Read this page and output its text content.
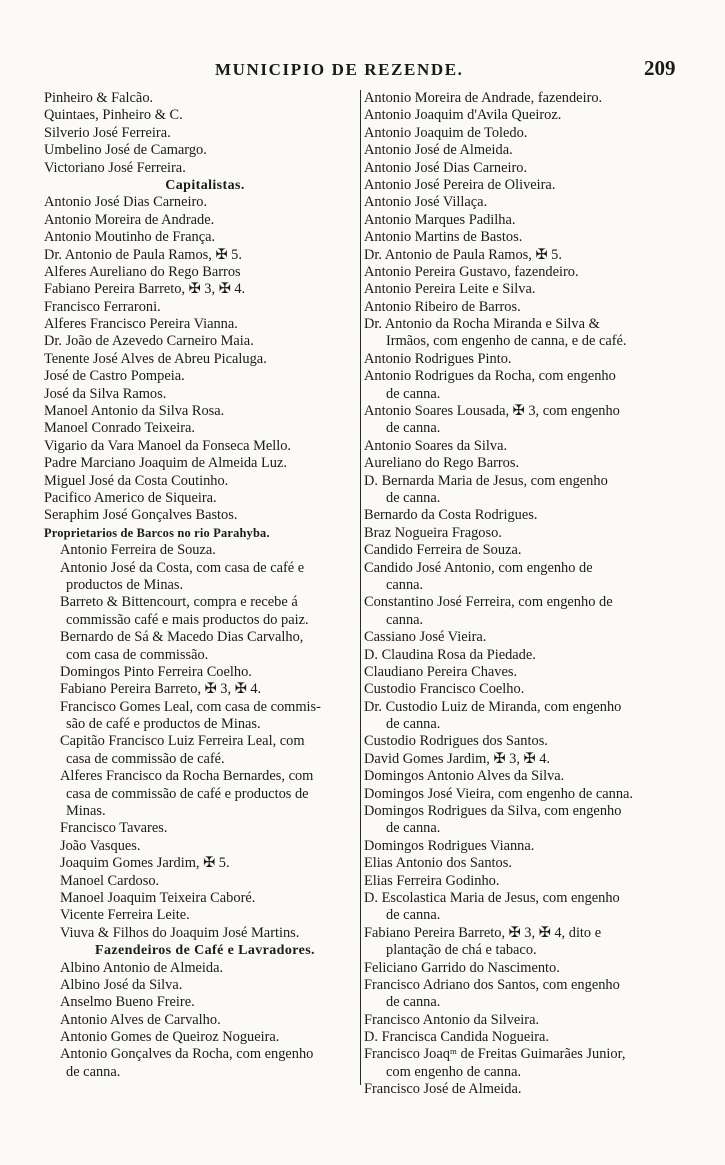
MUNICIPIO DE REZENDE.	209
Pinheiro & Falcão.
Quintaes, Pinheiro & C.
Silverio José Ferreira.
Umbelino José de Camargo.
Victoriano José Ferreira.
Capitalistas.
Antonio José Dias Carneiro.
Antonio Moreira de Andrade.
Antonio Moutinho de França.
Dr. Antonio de Paula Ramos, ✠ 5.
Alferes Aureliano do Rego Barros
Fabiano Pereira Barreto, ✠ 3, ✠ 4.
Francisco Ferraroni.
Alferes Francisco Pereira Vianna.
Dr. João de Azevedo Carneiro Maia.
Tenente José Alves de Abreu Picaluga.
José de Castro Pompeia.
José da Silva Ramos.
Manoel Antonio da Silva Rosa.
Manoel Conrado Teixeira.
Vigario da Vara Manoel da Fonseca Mello.
Padre Marciano Joaquim de Almeida Luz.
Miguel José da Costa Coutinho.
Pacifico Americo de Siqueira.
Seraphim José Gonçalves Bastos.
Proprietarios de Barcos no rio Parahyba.
Antonio Ferreira de Souza.
Antonio José da Costa, com casa de café e
productos de Minas.
Barreto & Bittencourt, compra e recebe á
commissão café e mais productos do paiz.
Bernardo de Sá & Macedo Dias Carvalho,
com casa de commissão.
Domingos Pinto Ferreira Coelho.
Fabiano Pereira Barreto, ✠ 3, ✠ 4.
Francisco Gomes Leal, com casa de commis-
são de café e productos de Minas.
Capitão Francisco Luiz Ferreira Leal, com
casa de commissão de café.
Alferes Francisco da Rocha Bernardes, com
casa de commissão de café e productos de
Minas.
Francisco Tavares.
João Vasques.
Joaquim Gomes Jardim, ✠ 5.
Manoel Cardoso.
Manoel Joaquim Teixeira Caboré.
Vicente Ferreira Leite.
Viuva & Filhos do Joaquim José Martins.
Fazendeiros de Café e Lavradores.
Albino Antonio de Almeida.
Albino José da Silva.
Anselmo Bueno Freire.
Antonio Alves de Carvalho.
Antonio Gomes de Queiroz Nogueira.
Antonio Gonçalves da Rocha, com engenho
de canna.
Antonio Moreira de Andrade, fazendeiro.
Antonio Joaquim d'Avila Queiroz.
Antonio Joaquim de Toledo.
Antonio José de Almeida.
Antonio José Dias Carneiro.
Antonio José Pereira de Oliveira.
Antonio José Villaça.
Antonio Marques Padilha.
Antonio Martins de Bastos.
Dr. Antonio de Paula Ramos, ✠ 5.
Antonio Pereira Gustavo, fazendeiro.
Antonio Pereira Leite e Silva.
Antonio Ribeiro de Barros.
Dr. Antonio da Rocha Miranda e Silva &
Irmãos, com engenho de canna, e de café.
Antonio Rodrigues Pinto.
Antonio Rodrigues da Rocha, com engenho
de canna.
Antonio Soares Lousada, ✠ 3, com engenho
de canna.
Antonio Soares da Silva.
Aureliano do Rego Barros.
D. Bernarda Maria de Jesus, com engenho
de canna.
Bernardo da Costa Rodrigues.
Braz Nogueira Fragoso.
Candido Ferreira de Souza.
Candido José Antonio, com engenho de
canna.
Constantino José Ferreira, com engenho de
canna.
Cassiano José Vieira.
D. Claudina Rosa da Piedade.
Claudiano Pereira Chaves.
Custodio Francisco Coelho.
Dr. Custodio Luiz de Miranda, com engenho
de canna.
Custodio Rodrigues dos Santos.
David Gomes Jardim, ✠ 3, ✠ 4.
Domingos Antonio Alves da Silva.
Domingos José Vieira, com engenho de canna.
Domingos Rodrigues da Silva, com engenho
de canna.
Domingos Rodrigues Vianna.
Elias Antonio dos Santos.
Elias Ferreira Godinho.
D. Escolastica Maria de Jesus, com engenho
de canna.
Fabiano Pereira Barreto, ✠ 3, ✠ 4, dito e
plantação de chá e tabaco.
Feliciano Garrido do Nascimento.
Francisco Adriano dos Santos, com engenho
de canna.
Francisco Antonio da Silveira.
D. Francisca Candida Nogueira.
Francisco Joaqᵐ de Freitas Guimarães Junior,
com engenho de canna.
Francisco José de Almeida.
